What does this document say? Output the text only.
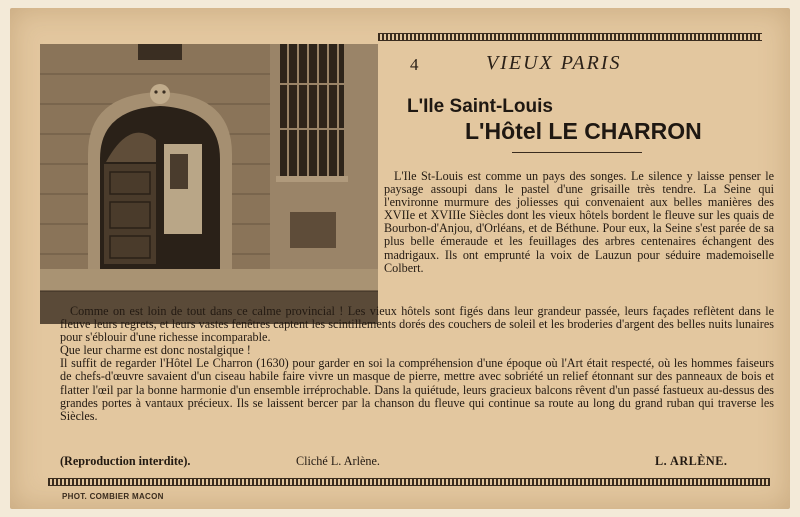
4	VIEUX PARIS
L'Ile Saint-Louis
L'Hôtel LE CHARRON

L'Ile St-Louis est comme un pays des songes. Le silence y laisse penser le paysage assoupi dans le pastel d'une grisaille très tendre. La Seine qui l'environne murmure des joliesses qui convenaient aux belles manières des XVIIe et XVIIIe Siècles dont les vieux hôtels bordent le fleuve sur les quais de Bourbon-d'Anjou, d'Orléans, et de Béthune. Pour eux, la Seine s'est parée de sa plus belle émeraude et les feuillages des arbres centenaires échangent des madrigaux. Ils ont emprunté la voix de Lauzun pour séduire mademoiselle Colbert.

Comme on est loin de tout dans ce calme provincial ! Les vieux hôtels sont figés dans leur grandeur passée, leurs façades reflètent dans le fleuve leurs regrets, et leurs vastes fenêtres captent les scintillements dorés des couchers de soleil et les broderies d'argent des belles nuits lunaires pour s'éblouir d'une richesse incomparable.

Que leur charme est donc nostalgique !

Il suffit de regarder l'Hôtel Le Charron (1630) pour garder en soi la compréhension d'une époque où l'Art était respecté, où les hommes faiseurs de chefs-d'œuvre savaient d'un ciseau habile faire vivre un masque de pierre, mettre avec sobriété un relief étonnant sur des panneaux de bois et flatter l'œil par la bonne harmonie d'un ensemble irréprochable. Dans la quiétude, leurs gracieux balcons rêvent d'un passé fastueux au-dessus des grandes portes à vantaux précieux. Ils se laissent bercer par la chanson du fleuve qui continue sa route au long du grand ruban qui traverse les Siècles.

(Reproduction interdite).	Cliché L. Arlène.	L. ARLÈNE.
PHOT. COMBIER MACON
